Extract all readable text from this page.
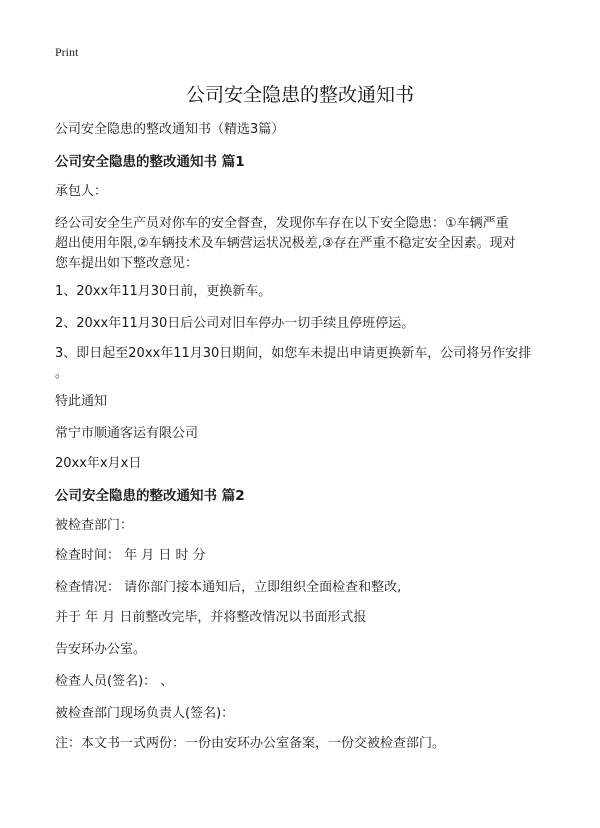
Print
公司安全隐患的整改通知书
公司安全隐患的整改通知书（精选3篇）
公司安全隐患的整改通知书 篇1
承包人：
经公司安全生产员对你车的安全督查，发现你车存在以下安全隐患：①车辆严重
超出使用年限,②车辆技术及车辆营运状况极差,③存在严重不稳定安全因素。现对
您车提出如下整改意见：
1、20xx年11月30日前，更换新车。
2、20xx年11月30日后公司对旧车停办一切手续且停班停运。
3、即日起至20xx年11月30日期间，如您车未提出申请更换新车，公司将另作安排
。
特此通知
常宁市顺通客运有限公司
20xx年x月x日
公司安全隐患的整改通知书 篇2
被检查部门：
检查时间： 年 月 日 时 分
检查情况： 请你部门接本通知后，立即组织全面检查和整改,
并于 年 月 日前整改完毕，并将整改情况以书面形式报
告安环办公室。
检查人员(签名)： 、
被检查部门现场负责人(签名)：
注：本文书一式两份：一份由安环办公室备案，一份交被检查部门。
